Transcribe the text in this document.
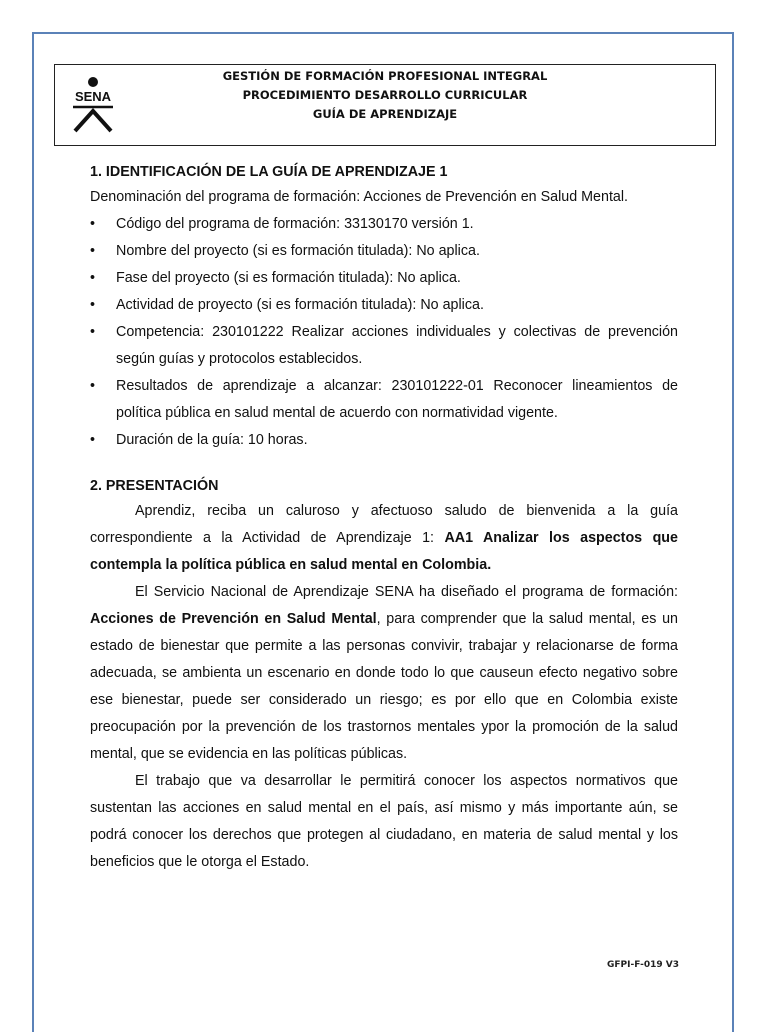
SENA
GESTIÓN DE FORMACIÓN PROFESIONAL INTEGRAL
PROCEDIMIENTO DESARROLLO CURRICULAR
GUÍA DE APRENDIZAJE
1. IDENTIFICACIÓN DE LA GUÍA DE APRENDIZAJE 1

Denominación del programa de formación: Acciones de Prevención en Salud Mental.

• Código del programa de formación: 33130170 versión 1.
• Nombre del proyecto (si es formación titulada): No aplica.
• Fase del proyecto (si es formación titulada): No aplica.
• Actividad de proyecto (si es formación titulada): No aplica.
• Competencia: 230101222 Realizar acciones individuales y colectivas de prevención según guías y protocolos establecidos.
• Resultados de aprendizaje a alcanzar: 230101222-01 Reconocer lineamientos de política pública en salud mental de acuerdo con normatividad vigente.
• Duración de la guía: 10 horas.
2. PRESENTACIÓN

Aprendiz, reciba un caluroso y afectuoso saludo de bienvenida a la guía correspondiente a la Actividad de Aprendizaje 1: AA1 Analizar los aspectos que contempla la política pública en salud mental en Colombia.

El Servicio Nacional de Aprendizaje SENA ha diseñado el programa de formación: Acciones de Prevención en Salud Mental, para comprender que la salud mental, es un estado de bienestar que permite a las personas convivir, trabajar y relacionarse de forma adecuada, se ambienta un escenario en donde todo lo que causeun efecto negativo sobre ese bienestar, puede ser considerado un riesgo; es por ello que en Colombia existe preocupación por la prevención de los trastornos mentales ypor la promoción de la salud mental, que se evidencia en las políticas públicas.

El trabajo que va desarrollar le permitirá conocer los aspectos normativos que sustentan las acciones en salud mental en el país, así mismo y más importante aún, se podrá conocer los derechos que protegen al ciudadano, en materia de salud mental y los beneficios que le otorga el Estado.

GFPI-F-019 V3
